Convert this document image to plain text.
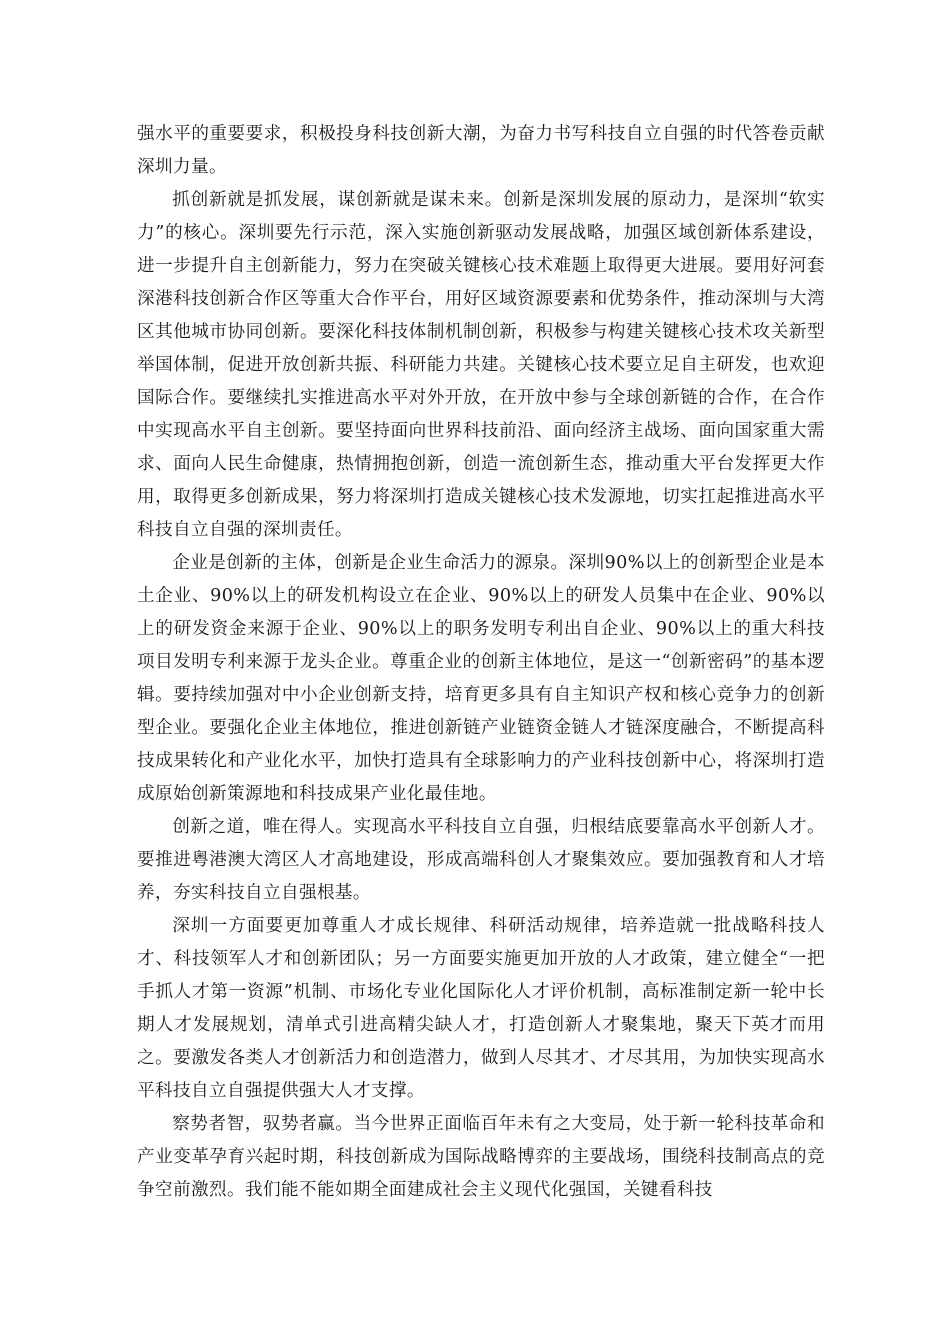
强水平的重要要求，积极投身科技创新大潮，为奋力书写科技自立自强的时代答卷贡献深圳力量。

抓创新就是抓发展，谋创新就是谋未来。创新是深圳发展的原动力，是深圳“软实力”的核心。深圳要先行示范，深入实施创新驱动发展战略，加强区域创新体系建设，进一步提升自主创新能力，努力在突破关键核心技术难题上取得更大进展。要用好河套深港科技创新合作区等重大合作平台，用好区域资源要素和优势条件，推动深圳与大湾区其他城市协同创新。要深化科技体制机制创新，积极参与构建关键核心技术攻关新型举国体制，促进开放创新共振、科研能力共建。关键核心技术要立足自主研发，也欢迎国际合作。要继续扎实推进高水平对外开放，在开放中参与全球创新链的合作，在合作中实现高水平自主创新。要坚持面向世界科技前沿、面向经济主战场、面向国家重大需求、面向人民生命健康，热情拥抱创新，创造一流创新生态，推动重大平台发挥更大作用，取得更多创新成果，努力将深圳打造成关键核心技术发源地，切实扛起推进高水平科技自立自强的深圳责任。

企业是创新的主体，创新是企业生命活力的源泉。深圳90%以上的创新型企业是本土企业、90%以上的研发机构设立在企业、90%以上的研发人员集中在企业、90%以上的研发资金来源于企业、90%以上的职务发明专利出自企业、90%以上的重大科技项目发明专利来源于龙头企业。尊重企业的创新主体地位，是这一“创新密码”的基本逻辑。要持续加强对中小企业创新支持，培育更多具有自主知识产权和核心竞争力的创新型企业。要强化企业主体地位，推进创新链产业链资金链人才链深度融合，不断提高科技成果转化和产业化水平，加快打造具有全球影响力的产业科技创新中心，将深圳打造成原始创新策源地和科技成果产业化最佳地。

创新之道，唯在得人。实现高水平科技自立自强，归根结底要靠高水平创新人才。要推进粤港澳大湾区人才高地建设，形成高端科创人才聚集效应。要加强教育和人才培养，夯实科技自立自强根基。

深圳一方面要更加尊重人才成长规律、科研活动规律，培养造就一批战略科技人才、科技领军人才和创新团队；另一方面要实施更加开放的人才政策，建立健全“一把手抓人才第一资源”机制、市场化专业化国际化人才评价机制，高标准制定新一轮中长期人才发展规划，清单式引进高精尖缺人才，打造创新人才聚集地，聚天下英才而用之。要激发各类人才创新活力和创造潜力，做到人尽其才、才尽其用，为加快实现高水平科技自立自强提供强大人才支撑。

察势者智，驭势者赢。当今世界正面临百年未有之大变局，处于新一轮科技革命和产业变革孕育兴起时期，科技创新成为国际战略博弈的主要战场，围绕科技制高点的竞争空前激烈。我们能不能如期全面建成社会主义现代化强国，关键看科技
